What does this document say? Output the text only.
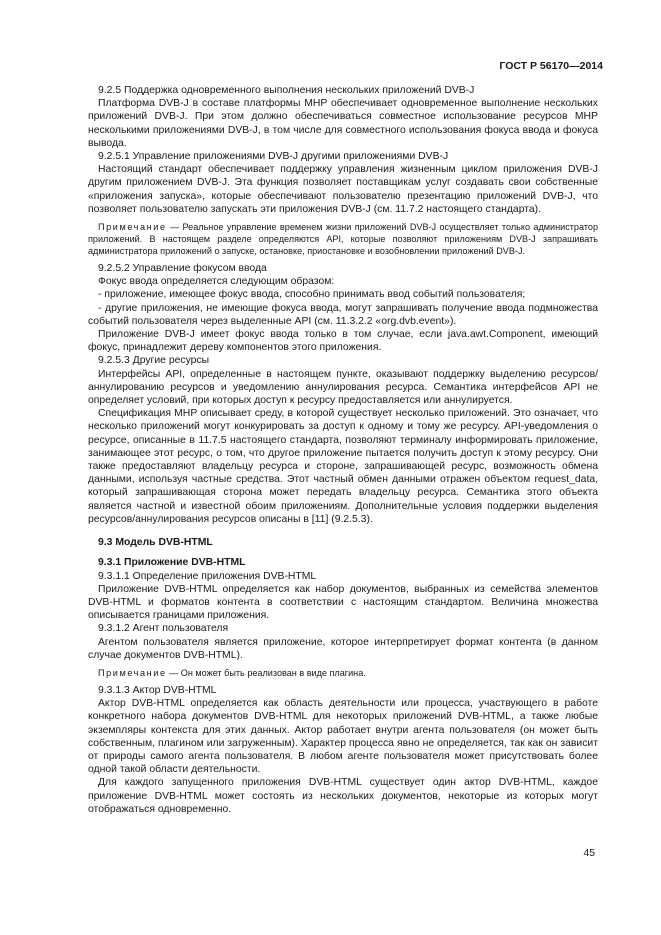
ГОСТ Р 56170—2014

9.2.5 Поддержка одновременного выполнения нескольких приложений DVB-J

Платформа DVB-J в составе платформы MHP обеспечивает одновременное выполнение нескольких приложений DVB-J. При этом должно обеспечиваться совместное использование ресурсов MHP несколькими приложениями DVB-J, в том числе для совместного использования фокуса ввода и фокуса вывода.

9.2.5.1 Управление приложениями DVB-J другими приложениями DVB-J

Настоящий стандарт обеспечивает поддержку управления жизненным циклом приложения DVB-J другим приложением DVB-J. Эта функция позволяет поставщикам услуг создавать свои собственные «приложения запуска», которые обеспечивают пользователю презентацию приложений DVB-J, что позволяет пользователю запускать эти приложения DVB-J (см. 11.7.2 настоящего стандарта).

Примечание — Реальное управление временем жизни приложений DVB-J осуществляет только администратор приложений. В настоящем разделе определяются API, которые позволяют приложениям DVB-J запрашивать администратора приложений о запуске, остановке, приостановке и возобновлении приложений DVB-J.

9.2.5.2 Управление фокусом ввода

Фокус ввода определяется следующим образом:

- приложение, имеющее фокус ввода, способно принимать ввод событий пользователя;

- другие приложения, не имеющие фокуса ввода, могут запрашивать получение ввода подмножества событий пользователя через выделенные API (см. 11.3.2.2 «org.dvb.event»).

Приложение DVB-J имеет фокус ввода только в том случае, если java.awt.Component, имеющий фокус, принадлежит дереву компонентов этого приложения.

9.2.5.3 Другие ресурсы

Интерфейсы API, определенные в настоящем пункте, оказывают поддержку выделению ресурсов/аннулированию ресурсов и уведомлению аннулирования ресурса. Семантика интерфейсов API не определяет условий, при которых доступ к ресурсу предоставляется или аннулируется.

Спецификация MHP описывает среду, в которой существует несколько приложений. Это означает, что несколько приложений могут конкурировать за доступ к одному и тому же ресурсу. API-уведомления о ресурсе, описанные в 11.7.5 настоящего стандарта, позволяют терминалу информировать приложение, занимающее этот ресурс, о том, что другое приложение пытается получить доступ к этому ресурсу. Они также предоставляют владельцу ресурса и стороне, запрашивающей ресурс, возможность обмена данными, используя частные средства. Этот частный обмен данными отражен объектом request_data, который запрашивающая сторона может передать владельцу ресурса. Семантика этого объекта является частной и известной обоим приложениям. Дополнительные условия поддержки выделения ресурсов/аннулирования ресурсов описаны в [11] (9.2.5.3).

9.3 Модель DVB-HTML

9.3.1 Приложение DVB-HTML

9.3.1.1 Определение приложения DVB-HTML

Приложение DVB-HTML определяется как набор документов, выбранных из семейства элементов DVB-HTML и форматов контента в соответствии с настоящим стандартом. Величина множества описывается границами приложения.

9.3.1.2 Агент пользователя

Агентом пользователя является приложение, которое интерпретирует формат контента (в данном случае документов DVB-HTML).

Примечание — Он может быть реализован в виде плагина.

9.3.1.3 Актор DVB-HTML

Актор DVB-HTML определяется как область деятельности или процесса, участвующего в работе конкретного набора документов DVB-HTML для некоторых приложений DVB-HTML, а также любые экземпляры контекста для этих данных. Актор работает внутри агента пользователя (он может быть собственным, плагином или загруженным). Характер процесса явно не определяется, так как он зависит от природы самого агента пользователя. В любом агенте пользователя может присутствовать более одной такой области деятельности.

Для каждого запущенного приложения DVB-HTML существует один актор DVB-HTML, каждое приложение DVB-HTML может состоять из нескольких документов, некоторые из которых могут отображаться одновременно.

45
